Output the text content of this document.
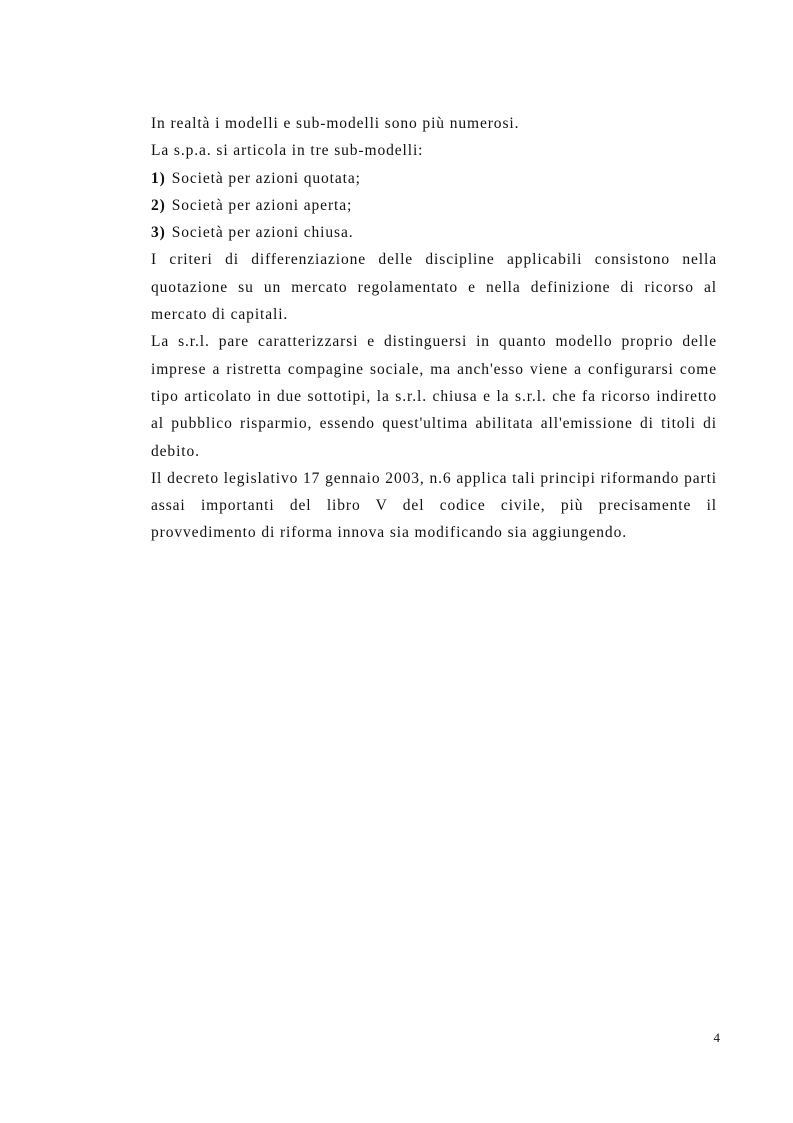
In realtà i modelli e sub-modelli sono più numerosi.

La s.p.a. si articola in tre sub-modelli:

1) Società per azioni quotata;

2) Società per azioni aperta;

3) Società per azioni chiusa.

I criteri di differenziazione delle discipline applicabili consistono nella quotazione su un mercato regolamentato e nella definizione di ricorso al mercato di capitali.

La s.r.l. pare caratterizzarsi e distinguersi in quanto modello proprio delle imprese a ristretta compagine sociale, ma anch'esso viene a configurarsi come tipo articolato in due sottotipi, la s.r.l. chiusa e la s.r.l. che fa ricorso indiretto al pubblico risparmio, essendo quest'ultima abilitata all'emissione di titoli di debito.

Il decreto legislativo 17 gennaio 2003, n.6 applica tali principi riformando parti assai importanti del libro V del codice civile, più precisamente il provvedimento di riforma innova sia modificando sia aggiungendo.

4
